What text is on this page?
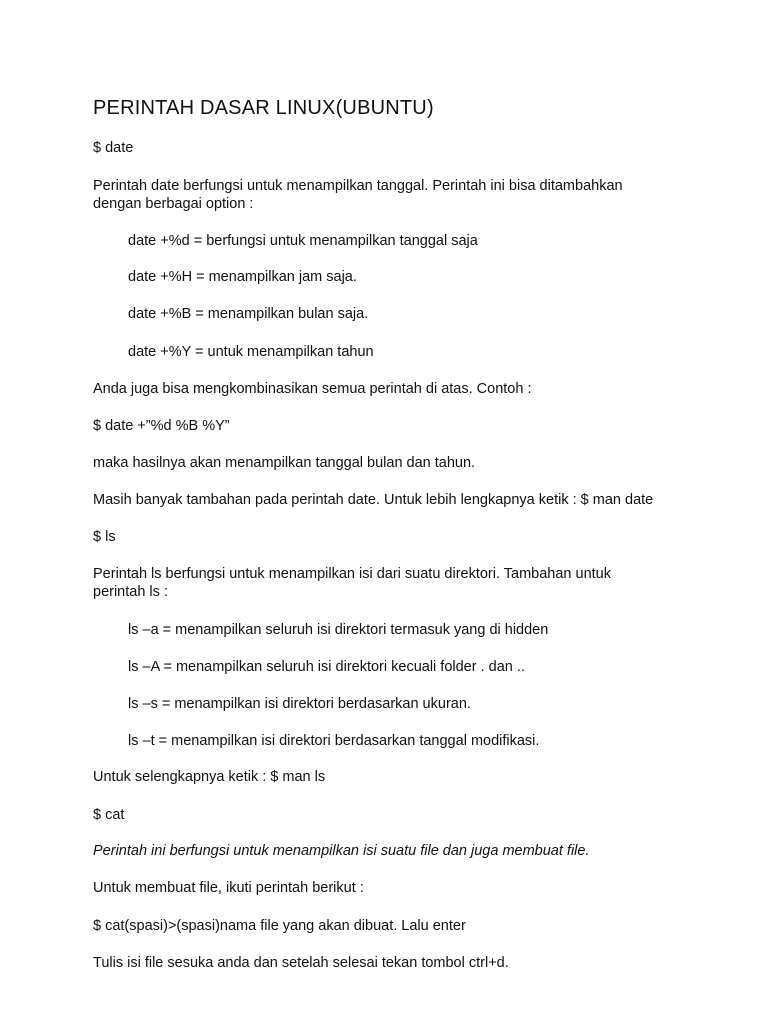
PERINTAH DASAR LINUX(UBUNTU)
$ date
Perintah date berfungsi untuk menampilkan tanggal. Perintah ini bisa ditambahkan
dengan berbagai option :
date +%d = berfungsi untuk menampilkan tanggal saja
date +%H = menampilkan jam saja.
date +%B = menampilkan bulan saja.
date +%Y = untuk menampilkan tahun
Anda juga bisa mengkombinasikan semua perintah di atas. Contoh :
$ date +”%d %B %Y”
maka hasilnya akan menampilkan tanggal bulan dan tahun.
Masih banyak tambahan pada perintah date. Untuk lebih lengkapnya ketik : $ man date
$ ls
Perintah ls berfungsi untuk menampilkan isi dari suatu direktori. Tambahan untuk
perintah ls :
ls –a = menampilkan seluruh isi direktori termasuk yang di hidden
ls –A = menampilkan seluruh isi direktori kecuali folder . dan ..
ls –s = menampilkan isi direktori berdasarkan ukuran.
ls –t = menampilkan isi direktori berdasarkan tanggal modifikasi.
Untuk selengkapnya ketik : $ man ls
$ cat
Perintah ini berfungsi untuk menampilkan isi suatu file dan juga membuat file.
Untuk membuat file, ikuti perintah berikut :
$ cat(spasi)>(spasi)nama file yang akan dibuat. Lalu enter
Tulis isi file sesuka anda dan setelah selesai tekan tombol ctrl+d.
